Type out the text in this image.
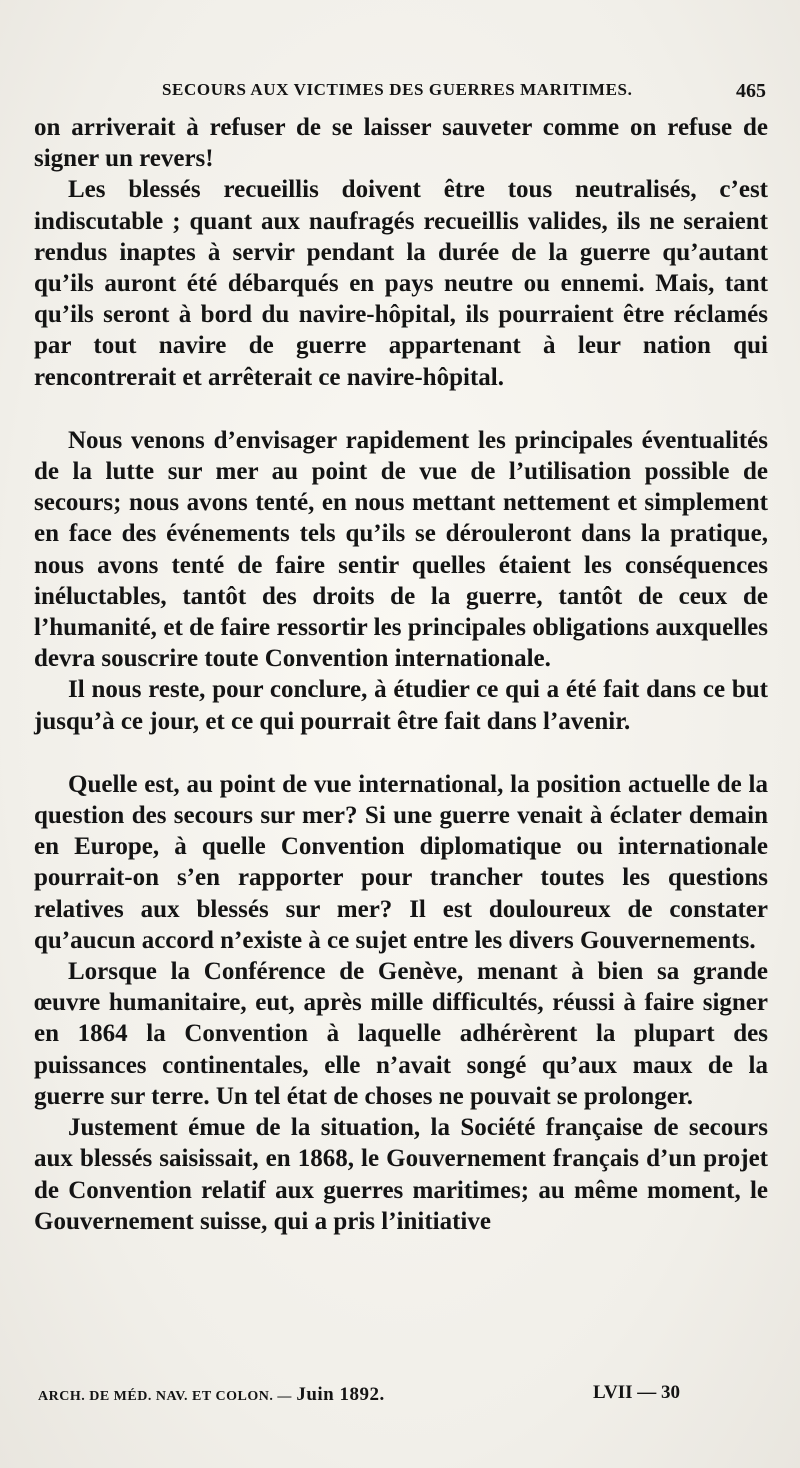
SECOURS AUX VICTIMES DES GUERRES MARITIMES.	465

on arriverait à refuser de se laisser sauveter comme on refuse de signer un revers!

Les blessés recueillis doivent être tous neutralisés, c’est indiscutable ; quant aux naufragés recueillis valides, ils ne seraient rendus inaptes à servir pendant la durée de la guerre qu’autant qu’ils auront été débarqués en pays neutre ou ennemi. Mais, tant qu’ils seront à bord du navire-hôpital, ils pourraient être réclamés par tout navire de guerre appartenant à leur nation qui rencontrerait et arrêterait ce navire-hôpital.

Nous venons d’envisager rapidement les principales éventualités de la lutte sur mer au point de vue de l’utilisation possible de secours; nous avons tenté, en nous mettant nettement et simplement en face des événements tels qu’ils se dérouleront dans la pratique, nous avons tenté de faire sentir quelles étaient les conséquences inéluctables, tantôt des droits de la guerre, tantôt de ceux de l’humanité, et de faire ressortir les principales obligations auxquelles devra souscrire toute Convention internationale.

Il nous reste, pour conclure, à étudier ce qui a été fait dans ce but jusqu’à ce jour, et ce qui pourrait être fait dans l’avenir.

Quelle est, au point de vue international, la position actuelle de la question des secours sur mer? Si une guerre venait à éclater demain en Europe, à quelle Convention diplomatique ou internationale pourrait-on s’en rapporter pour trancher toutes les questions relatives aux blessés sur mer? Il est douloureux de constater qu’aucun accord n’existe à ce sujet entre les divers Gouvernements.

Lorsque la Conférence de Genève, menant à bien sa grande œuvre humanitaire, eut, après mille difficultés, réussi à faire signer en 1864 la Convention à laquelle adhérèrent la plupart des puissances continentales, elle n’avait songé qu’aux maux de la guerre sur terre. Un tel état de choses ne pouvait se prolonger.

Justement émue de la situation, la Société française de secours aux blessés saisissait, en 1868, le Gouvernement français d’un projet de Convention relatif aux guerres maritimes; au même moment, le Gouvernement suisse, qui a pris l’initiative

ARCH. DE MÉD. NAV. ET COLON. — Juin 1892.	LVII — 30
